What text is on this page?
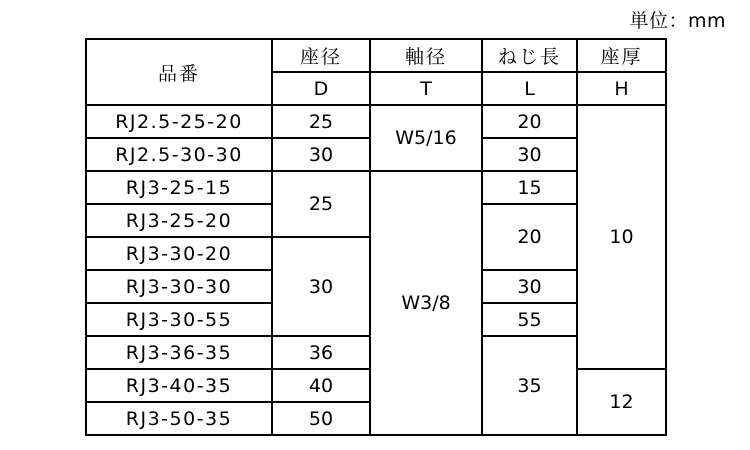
単位：mm
品番	座径	軸径	ねじ長	座厚
	D	T	L	H
RJ2.5-25-20	25	W5/16	20	10
RJ2.5-30-30	30		30	
RJ3-25-15	25	W3/8	15	
RJ3-25-20			20	
RJ3-30-20	30			
RJ3-30-30			30	
RJ3-30-55			55	
RJ3-36-35	36		35	
RJ3-40-35	40			12
RJ3-50-35	50			
